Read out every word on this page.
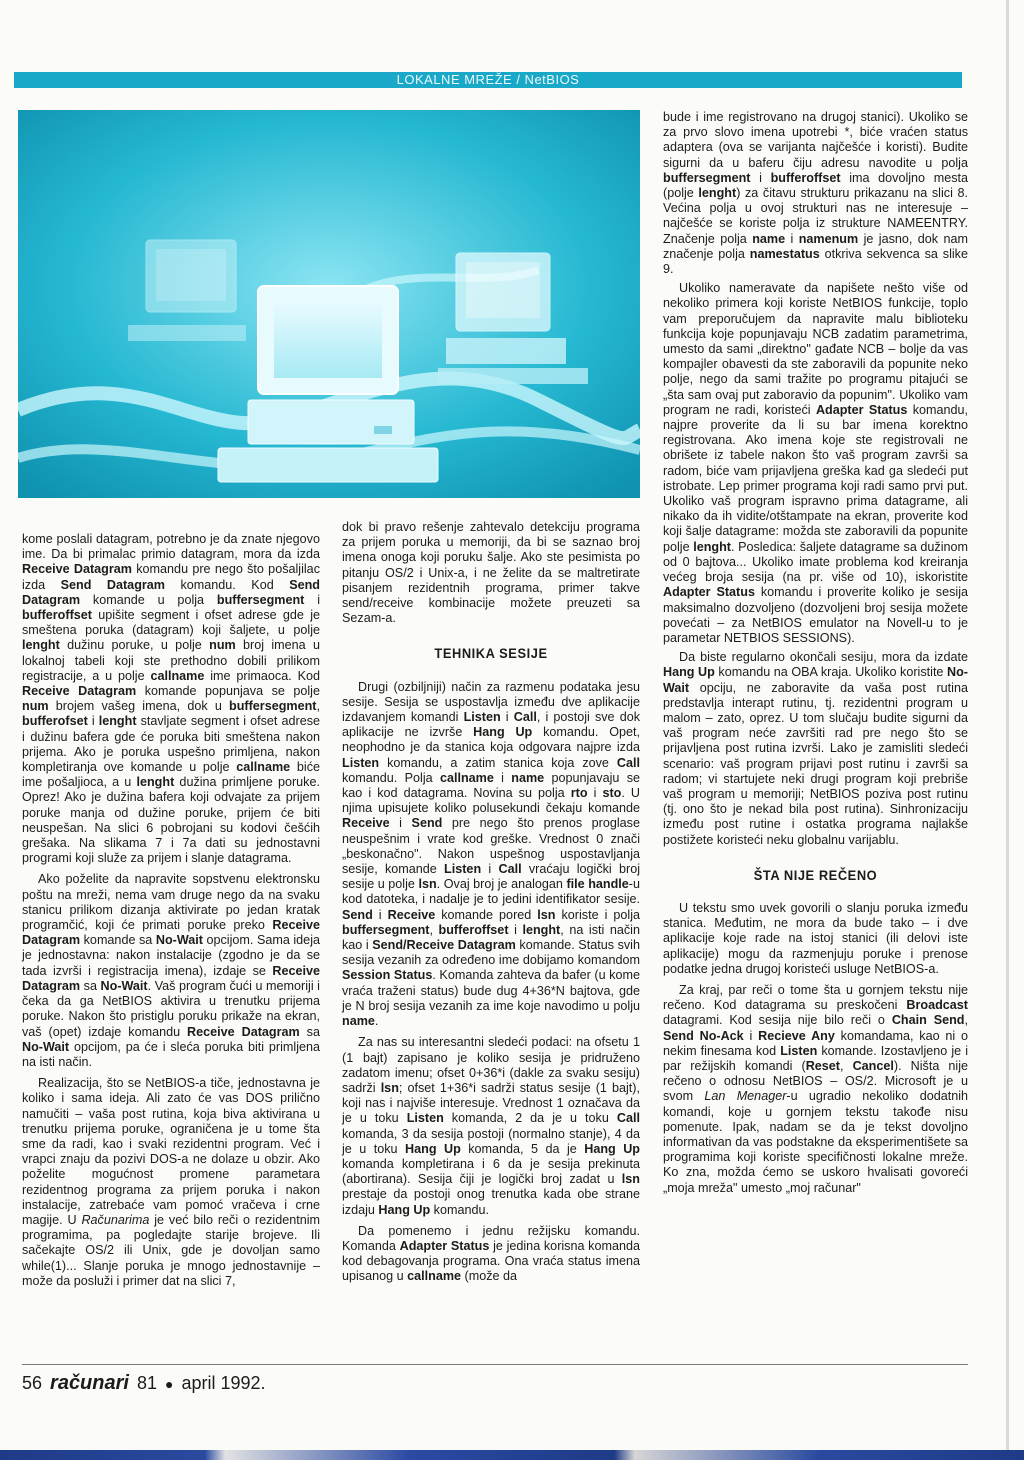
LOKALNE MREŽE / NetBIOS

kome poslali datagram, potrebno je da znate njegovo ime. Da bi primalac primio datagram, mora da izda Receive Datagram komandu pre nego što pošaljilac izda Send Datagram komandu. Kod Send Datagram komande u polja buffersegment i bufferoffset upišite segment i ofset adrese gde je smeštena poruka (datagram) koji šaljete, u polje lenght dužinu poruke, u polje num broj imena u lokalnoj tabeli koji ste prethodno dobili prilikom registracije, a u polje callname ime primaoca. Kod Receive Datagram komande popunjava se polje num brojem vašeg imena, dok u buffersegment, bufferofset i lenght stavljate segment i ofset adrese i dužinu bafera gde će poruka biti smeštena nakon prijema. Ako je poruka uspešno primljena, nakon kompletiranja ove komande u polje callname biće ime pošaljioca, a u lenght dužina primljene poruke. Oprez! Ako je dužina bafera koji odvajate za prijem poruke manja od dužine poruke, prijem će biti neuspešan. Na slici 6 pobrojani su kodovi češćih grešaka. Na slikama 7 i 7a dati su jednostavni programi koji služe za prijem i slanje datagrama.

Ako poželite da napravite sopstvenu elektronsku poštu na mreži, nema vam druge nego da na svaku stanicu prilikom dizanja aktivirate po jedan kratak programčić, koji će primati poruke preko Receive Datagram komande sa No-Wait opcijom. Sama ideja je jednostavna: nakon instalacije (zgodno je da se tada izvrši i registracija imena), izdaje se Receive Datagram sa No-Wait. Vaš program čući u memoriji i čeka da ga NetBIOS aktivira u trenutku prijema poruke. Nakon što pristiglu poruku prikaže na ekran, vaš (opet) izdaje komandu Receive Datagram sa No-Wait opcijom, pa će i sleća poruka biti primljena na isti način.

Realizacija, što se NetBIOS-a tiče, jednostavna je koliko i sama ideja. Ali zato će vas DOS prilično namučiti – vaša post rutina, koja biva aktivirana u trenutku prijema poruke, ograničena je u tome šta sme da radi, kao i svaki rezidentni program. Već i vrapci znaju da pozivi DOS-a ne dolaze u obzir. Ako poželite mogućnost promene parametara rezidentnog programa za prijem poruka i nakon instalacije, zatrebaće vam pomoć vračeva i crne magije. U Računarima je već bilo reči o rezidentnim programima, pa pogledajte starije brojeve. Ili sačekajte OS/2 ili Unix, gde je dovoljan samo while(1)... Slanje poruka je mnogo jednostavnije – može da posluži i primer dat na slici 7,

dok bi pravo rešenje zahtevalo detekciju programa za prijem poruka u memoriji, da bi se saznao broj imena onoga koji poruku šalje. Ako ste pesimista po pitanju OS/2 i Unix-a, i ne želite da se maltretirate pisanjem rezidentnih programa, primer takve send/receive kombinacije možete preuzeti sa Sezam-a.

TEHNIKA SESIJE

Drugi (ozbiljniji) način za razmenu podataka jesu sesije. Sesija se uspostavlja između dve aplikacije izdavanjem komandi Listen i Call, i postoji sve dok aplikacije ne izvrše Hang Up komandu. Opet, neophodno je da stanica koja odgovara najpre izda Listen komandu, a zatim stanica koja zove Call komandu. Polja callname i name popunjavaju se kao i kod datagrama. Novina su polja rto i sto. U njima upisujete koliko polusekundi čekaju komande Receive i Send pre nego što prenos proglase neuspešnim i vrate kod greške. Vrednost 0 znači „beskonačno". Nakon uspešnog uspostavljanja sesije, komande Listen i Call vraćaju logički broj sesije u polje lsn. Ovaj broj je analogan file handle-u kod datoteka, i nadalje je to jedini identifikator sesije. Send i Receive komande pored lsn koriste i polja buffersegment, bufferoffset i lenght, na isti način kao i Send/Receive Datagram komande. Status svih sesija vezanih za određeno ime dobijamo komandom Session Status. Komanda zahteva da bafer (u kome vraća traženi status) bude dug 4+36*N bajtova, gde je N broj sesija vezanih za ime koje navodimo u polju name.

Za nas su interesantni sledeći podaci: na ofsetu 1 (1 bajt) zapisano je koliko sesija je pridruženo zadatom imenu; ofset 0+36*i (dakle za svaku sesiju) sadrži lsn; ofset 1+36*i sadrži status sesije (1 bajt), koji nas i najviše interesuje. Vrednost 1 označava da je u toku Listen komanda, 2 da je u toku Call komanda, 3 da sesija postoji (normalno stanje), 4 da je u toku Hang Up komanda, 5 da je Hang Up komanda kompletirana i 6 da je sesija prekinuta (abortirana). Sesija čiji je logički broj zadat u lsn prestaje da postoji onog trenutka kada obe strane izdaju Hang Up komandu.

Da pomenemo i jednu režijsku komandu. Komanda Adapter Status je jedina korisna komanda kod debagovanja programa. Ona vraća status imena upisanog u callname (može da

bude i ime registrovano na drugoj stanici). Ukoliko se za prvo slovo imena upotrebi *, biće vraćen status adaptera (ova se varijanta najčešće i koristi). Budite sigurni da u baferu čiju adresu navodite u polja buffersegment i bufferoffset ima dovoljno mesta (polje lenght) za čitavu strukturu prikazanu na slici 8. Većina polja u ovoj strukturi nas ne interesuje – najčešće se koriste polja iz strukture NAMEENTRY. Značenje polja name i namenum je jasno, dok nam značenje polja namestatus otkriva sekvenca sa slike 9.

Ukoliko nameravate da napišete nešto više od nekoliko primera koji koriste NetBIOS funkcije, toplo vam preporučujem da napravite malu biblioteku funkcija koje popunjavaju NCB zadatim parametrima, umesto da sami „direktno" gađate NCB – bolje da vas kompajler obavesti da ste zaboravili da popunite neko polje, nego da sami tražite po programu pitajući se „šta sam ovaj put zaboravio da popunim". Ukoliko vam program ne radi, koristeći Adapter Status komandu, najpre proverite da li su bar imena korektno registrovana. Ako imena koje ste registrovali ne obrišete iz tabele nakon što vaš program završi sa radom, biće vam prijavljena greška kad ga sledeći put istrobate. Lep primer programa koji radi samo prvi put. Ukoliko vaš program ispravno prima datagrame, ali nikako da ih vidite/otštampate na ekran, proverite kod koji šalje datagrame: možda ste zaboravili da popunite polje lenght. Posledica: šaljete datagrame sa dužinom od 0 bajtova... Ukoliko imate problema kod kreiranja većeg broja sesija (na pr. više od 10), iskoristite Adapter Status komandu i proverite koliko je sesija maksimalno dozvoljeno (dozvoljeni broj sesija možete povećati – za NetBIOS emulator na Novell-u to je parametar NETBIOS SESSIONS).

Da biste regularno okončali sesiju, mora da izdate Hang Up komandu na OBA kraja. Ukoliko koristite No-Wait opciju, ne zaboravite da vaša post rutina predstavlja interapt rutinu, tj. rezidentni program u malom – zato, oprez. U tom slučaju budite sigurni da vaš program neće završiti rad pre nego što se prijavljena post rutina izvrši. Lako je zamisliti sledeći scenario: vaš program prijavi post rutinu i završi sa radom; vi startujete neki drugi program koji prebriše vaš program u memoriji; NetBIOS poziva post rutinu (tj. ono što je nekad bila post rutina). Sinhronizaciju između post rutine i ostatka programa najlakše postižete koristeći neku globalnu varijablu.

ŠTA NIJE REČENO

U tekstu smo uvek govorili o slanju poruka između stanica. Međutim, ne mora da bude tako – i dve aplikacije koje rade na istoj stanici (ili delovi iste aplikacije) mogu da razmenjuju poruke i prenose podatke jedna drugoj koristeći usluge NetBIOS-a.

Za kraj, par reči o tome šta u gornjem tekstu nije rečeno. Kod datagrama su preskočeni Broadcast datagrami. Kod sesija nije bilo reči o Chain Send, Send No-Ack i Recieve Any komandama, kao ni o nekim finesama kod Listen komande. Izostavljeno je i par režijskih komandi (Reset, Cancel). Ništa nije rečeno o odnosu NetBIOS – OS/2. Microsoft je u svom Lan Menager-u ugradio nekoliko dodatnih komandi, koje u gornjem tekstu takođe nisu pomenute. Ipak, nadam se da je tekst dovoljno informativan da vas podstakne da eksperimentišete sa programima koji koriste specifičnosti lokalne mreže. Ko zna, možda ćemo se uskoro hvalisati govoreći „moja mreža" umesto „moj računar"

56 računari 81 ● april 1992.
